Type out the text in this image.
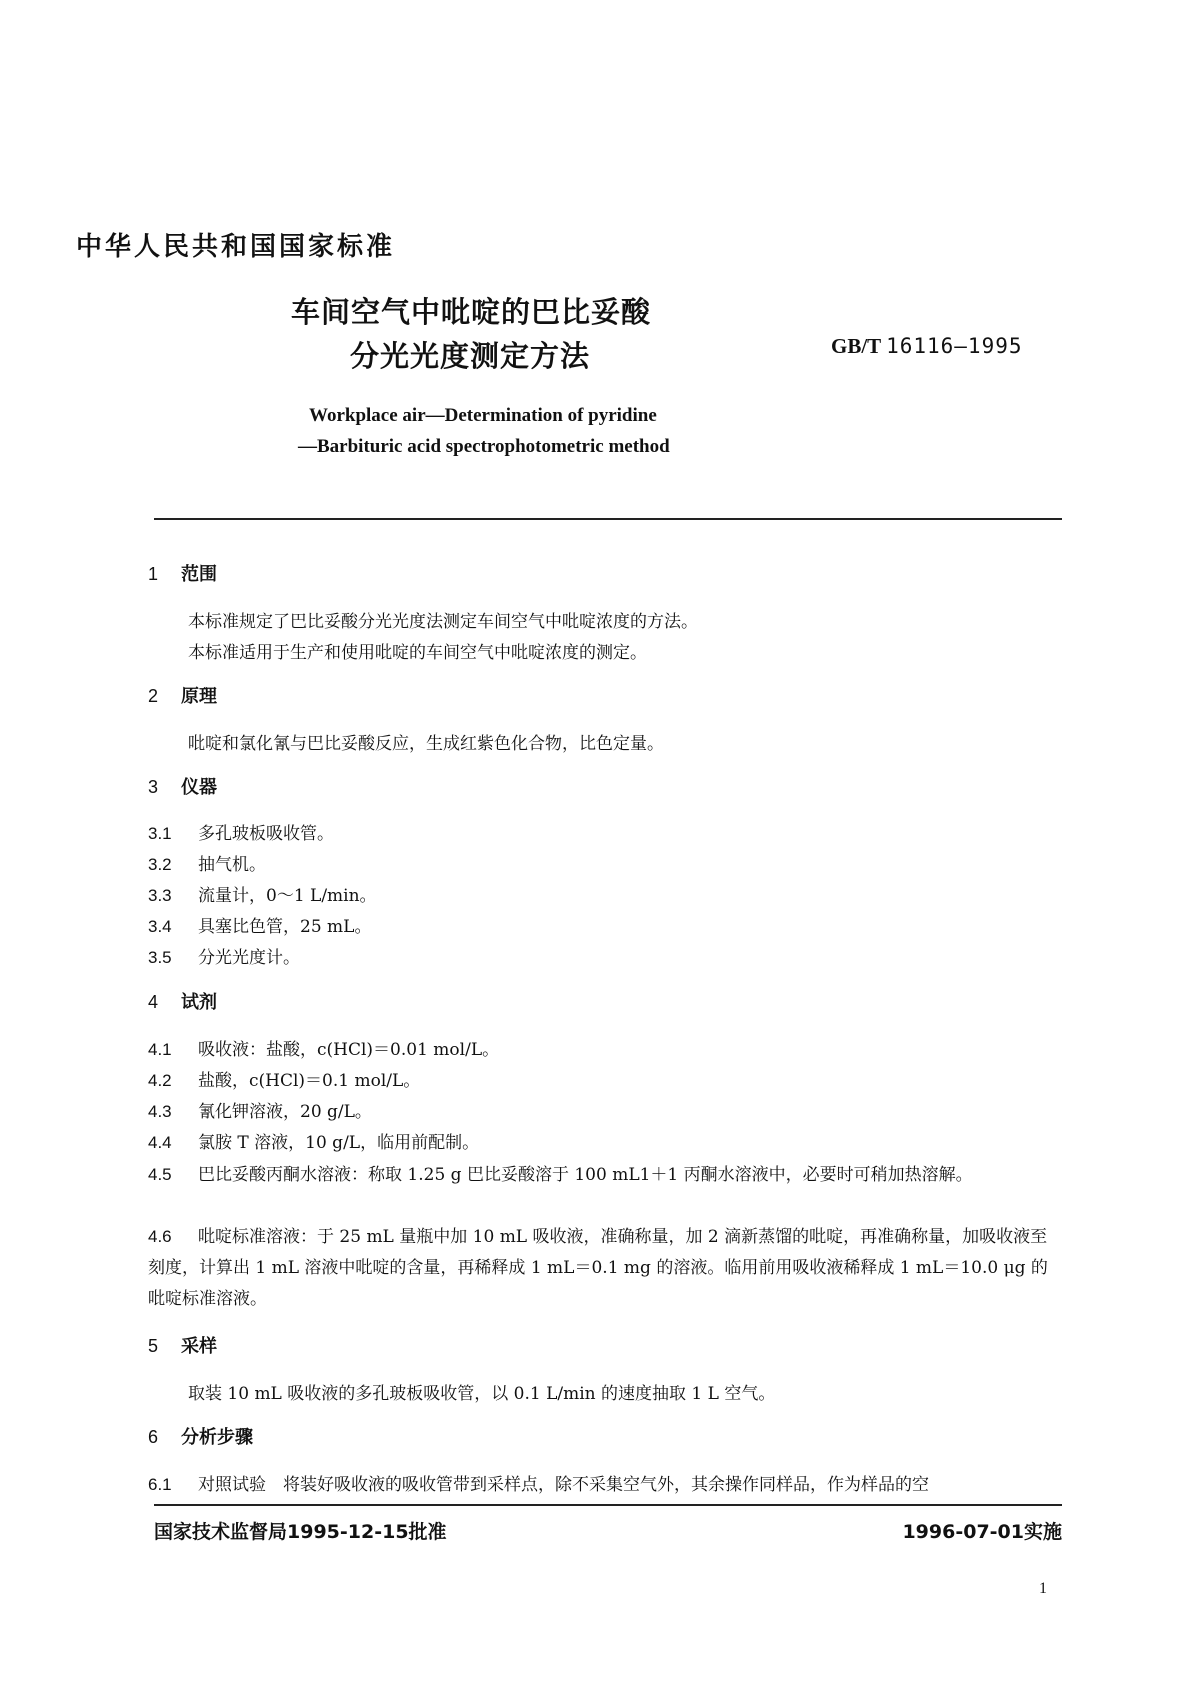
中华人民共和国国家标准
车间空气中吡啶的巴比妥酸
分光光度测定方法	GB/T 16116—1995
Workplace air—Determination of pyridine
—Barbituric acid spectrophotometric method
1 范围
本标准规定了巴比妥酸分光光度法测定车间空气中吡啶浓度的方法。
本标准适用于生产和使用吡啶的车间空气中吡啶浓度的测定。
2 原理
吡啶和氯化氰与巴比妥酸反应，生成红紫色化合物，比色定量。
3 仪器
3.1 多孔玻板吸收管。
3.2 抽气机。
3.3 流量计，0～1 L/min。
3.4 具塞比色管，25 mL。
3.5 分光光度计。
4 试剂
4.1 吸收液：盐酸，c(HCl)＝0.01 mol/L。
4.2 盐酸，c(HCl)＝0.1 mol/L。
4.3 氰化钾溶液，20 g/L。
4.4 氯胺 T 溶液，10 g/L，临用前配制。
4.5 巴比妥酸丙酮水溶液：称取 1.25 g 巴比妥酸溶于 100 mL1＋1 丙酮水溶液中，必要时可稍加热溶解。
4.6 吡啶标准溶液：于 25 mL 量瓶中加 10 mL 吸收液，准确称量，加 2 滴新蒸馏的吡啶，再准确称量，加吸收液至刻度，计算出 1 mL 溶液中吡啶的含量，再稀释成 1 mL＝0.1 mg 的溶液。临用前用吸收液稀释成 1 mL＝10.0 μg 的吡啶标准溶液。
5 采样
取装 10 mL 吸收液的多孔玻板吸收管，以 0.1 L/min 的速度抽取 1 L 空气。
6 分析步骤
6.1 对照试验　将装好吸收液的吸收管带到采样点，除不采集空气外，其余操作同样品，作为样品的空
国家技术监督局1995-12-15批准	1996-07-01实施
1
